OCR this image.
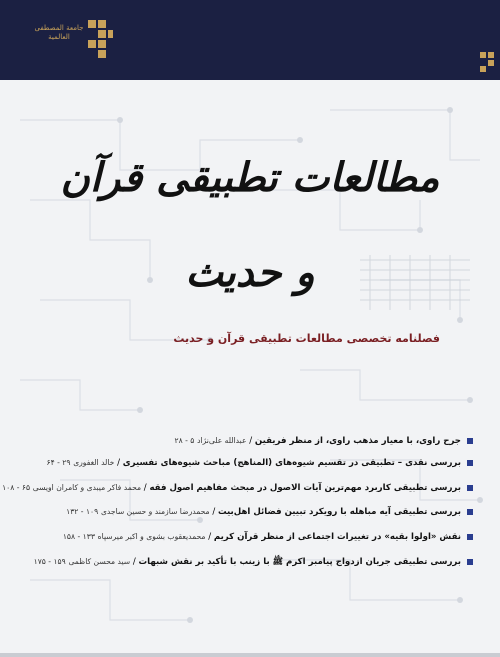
جامعة المصطفى العالمية
مطالعات تطبیقی قرآن و حدیث
فصلنامه تخصصی مطالعات تطبیقی قرآن و حدیث
جرح راوی، با معیار مذهب راوی، از منظر فریقین / عبدالله علی‌نژاد ۵ - ۲۸
بررسی نقدی – تطبیقی در تقسیم شیوه‌های (المناهج) مباحث شیوه‌های تفسیری / خالد الغفوری ۲۹ - ۶۴
بررسی تطبیقی کاربرد مهم‌ترین آیات الاصول در مبحث مفاهیم اصول فقه / محمد فاکر میبدی و کامران اویسی ۶۵ - ۱۰۸
بررسی تطبیقی آیه مباهله با رویکرد تبیین فضائل اهل‌بیت / محمدرضا سازمند و حسین ساجدی ۱۰۹ - ۱۳۲
نقش «اولوا بقیه» در تغییرات اجتماعی از منظر قرآن کریم / محمدیعقوب بشوی و اکبر میرسپاه ۱۳۳ - ۱۵۸
بررسی تطبیقی جریان ازدواج پیامبر اکرم ﷺ با زینب با تأکید بر نقش شبهات / سید محسن کاظمی ۱۵۹ - ۱۷۵
